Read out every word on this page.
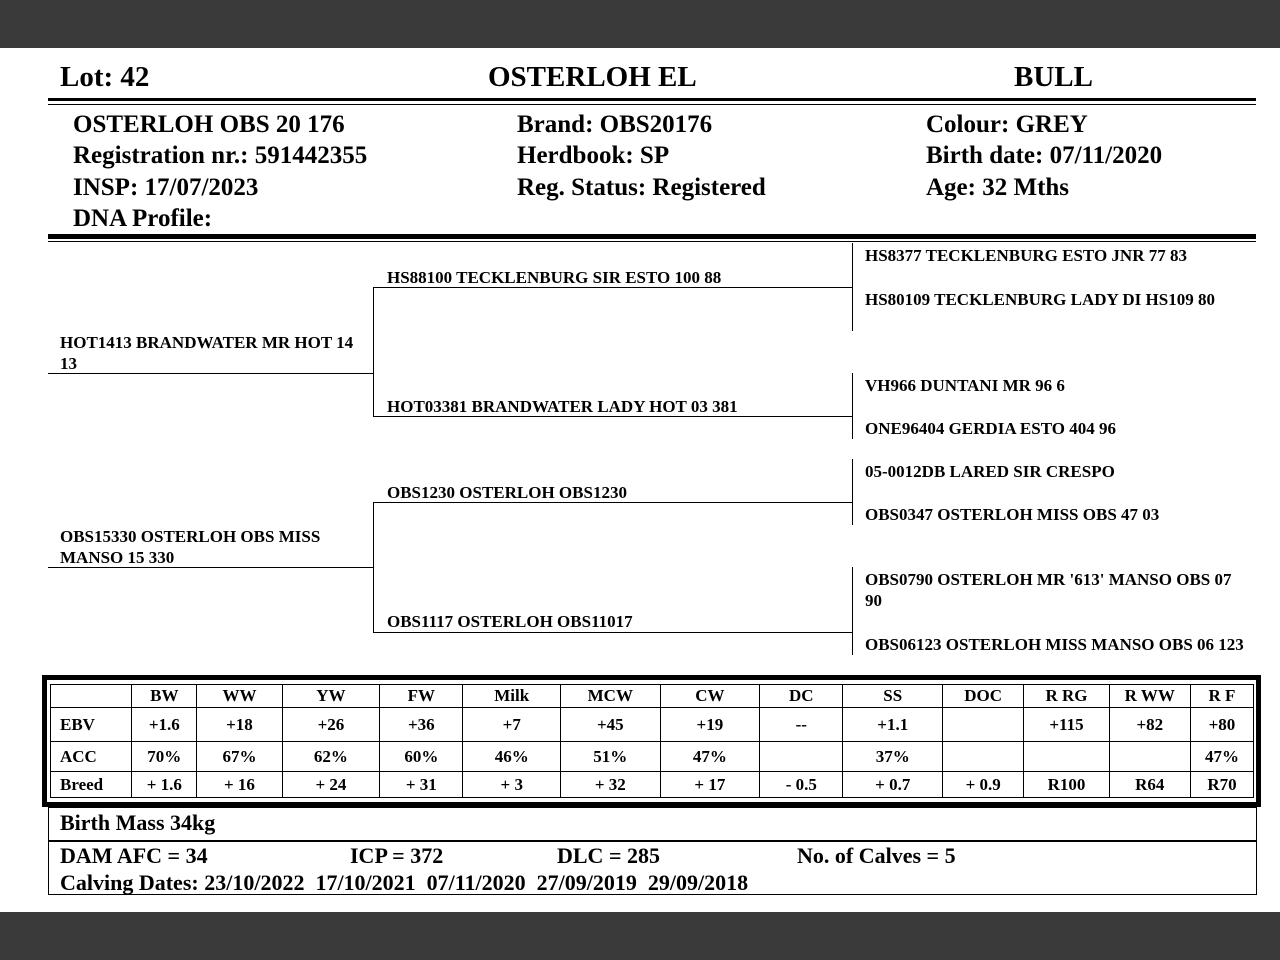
Lot: 42	OSTERLOH EL	BULL
OSTERLOH OBS 20 176
Registration nr.: 591442355
INSP: 17/07/2023
DNA Profile:
Brand: OBS20176
Herdbook: SP
Reg. Status: Registered
Colour: GREY
Birth date: 07/11/2020
Age: 32 Mths
HOT1413 BRANDWATER MR HOT 14 13
OBS15330 OSTERLOH OBS MISS MANSO 15 330
HS88100 TECKLENBURG SIR ESTO 100 88
HOT03381 BRANDWATER LADY HOT 03 381
OBS1230 OSTERLOH OBS1230
OBS1117 OSTERLOH OBS11017
HS8377 TECKLENBURG ESTO JNR 77 83
HS80109 TECKLENBURG LADY DI HS109 80
VH966 DUNTANI MR 96 6
ONE96404 GERDIA ESTO 404 96
05-0012DB LARED SIR CRESPO
OBS0347 OSTERLOH MISS OBS 47 03
OBS0790 OSTERLOH MR '613' MANSO OBS 07 90
OBS06123 OSTERLOH MISS MANSO OBS 06 123
	BW	WW	YW	FW	Milk	MCW	CW	DC	SS	DOC	R RG	R WW	R F
EBV	+1.6	+18	+26	+36	+7	+45	+19	--	+1.1		+115	+82	+80
ACC	70%	67%	62%	60%	46%	51%	47%		37%				47%
Breed	+ 1.6	+ 16	+ 24	+ 31	+ 3	+ 32	+ 17	- 0.5	+ 0.7	+ 0.9	R100	R64	R70
Birth Mass 34kg
DAM AFC = 34	ICP = 372	DLC = 285	No. of Calves = 5
Calving Dates: 23/10/2022  17/10/2021  07/11/2020  27/09/2019  29/09/2018
